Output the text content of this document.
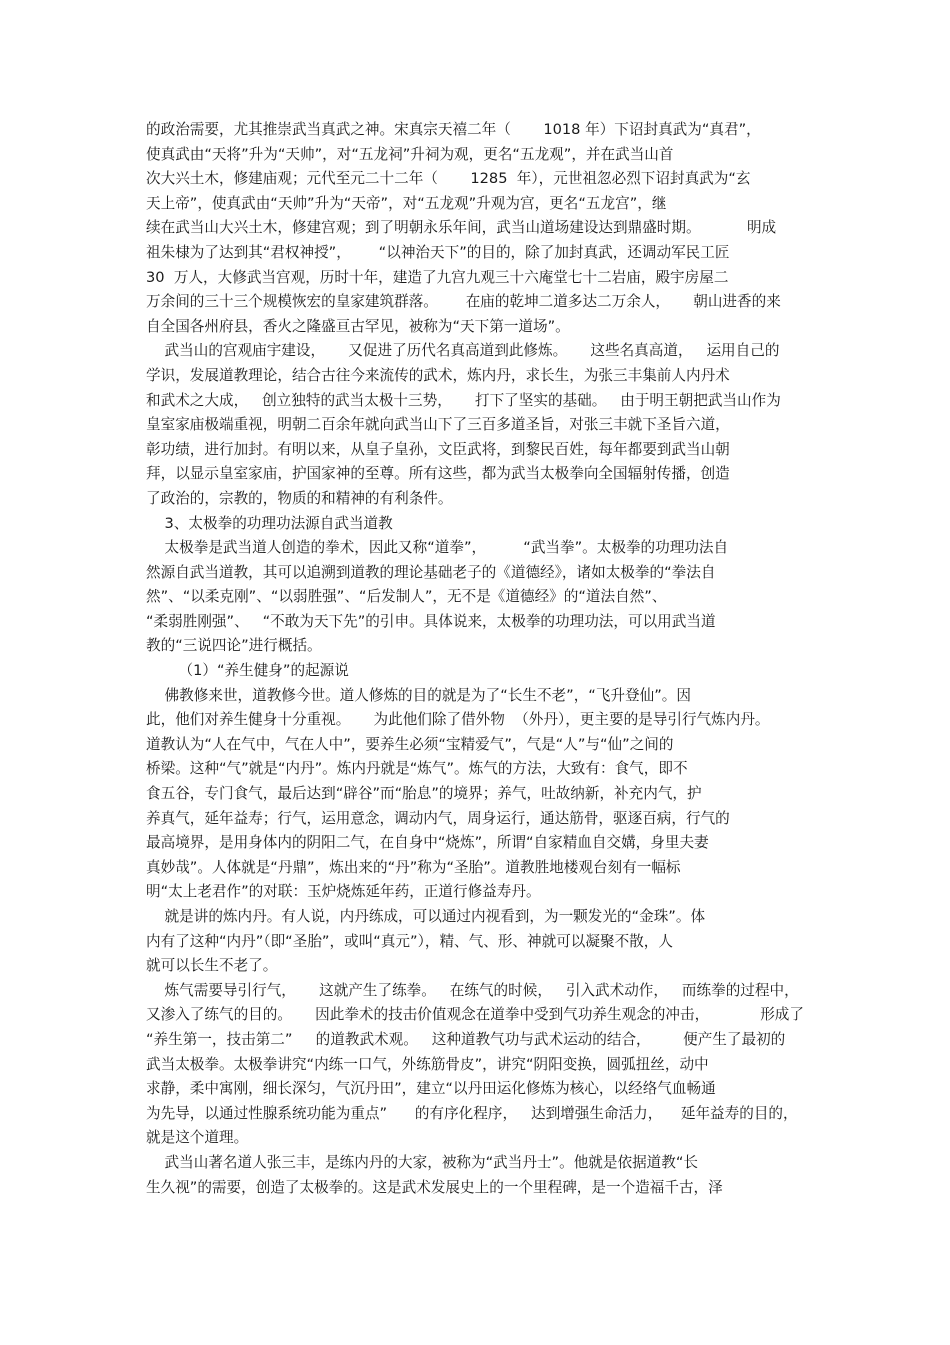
的政治需要，尤其推崇武当真武之神。宋真宗天禧二年（       1018 年）下诏封真武为“真君”，
使真武由“天将”升为“天帅”，对“五龙祠”升祠为观，更名“五龙观”，并在武当山首
次大兴土木，修建庙观；元代至元二十二年（       1285  年），元世祖忽必烈下诏封真武为“玄
天上帝”，使真武由“天帅”升为“天帝”，对“五龙观”升观为宫，更名“五龙宫”，继
续在武当山大兴土木，修建宫观；到了明朝永乐年间，武当山道场建设达到鼎盛时期。          明成
祖朱棣为了达到其“君权神授”，      “以神治天下”的目的，除了加封真武，还调动军民工匠
30  万人，大修武当宫观，历时十年，建造了九宫九观三十六庵堂七十二岩庙，殿宇房屋二
万余间的三十三个规模恢宏的皇家建筑群落。      在庙的乾坤二道多达二万余人，     朝山进香的来
自全国各州府县，香火之隆盛亘古罕见，被称为“天下第一道场”。
武当山的宫观庙宇建设，     又促进了历代名真高道到此修炼。     这些名真高道，   运用自己的
学识，发展道教理论，结合古往今来流传的武术，炼内丹，求长生，为张三丰集前人内丹术
和武术之大成，   创立独特的武当太极十三势，     打下了坚实的基础。   由于明王朝把武当山作为
皇室家庙极端重视，明朝二百余年就向武当山下了三百多道圣旨，对张三丰就下圣旨六道，
彰功绩，进行加封。有明以来，从皇子皇孙，文臣武将，到黎民百姓，每年都要到武当山朝
拜，以显示皇室家庙，护国家神的至尊。所有这些，都为武当太极拳向全国辐射传播，创造
了政治的，宗教的，物质的和精神的有利条件。
3、太极拳的功理功法源自武当道教
太极拳是武当道人创造的拳术，因此又称“道拳”，        “武当拳”。太极拳的功理功法自
然源自武当道教，其可以追溯到道教的理论基础老子的《道德经》，诸如太极拳的“拳法自
然”、“以柔克刚”、“以弱胜强”、“后发制人”，无不是《道德经》的“道法自然”、
“柔弱胜刚强”、   “不敢为天下先”的引申。具体说来，太极拳的功理功法，可以用武当道
教的“三说四论”进行概括。
（1）“养生健身”的起源说
佛教修来世，道教修今世。道人修炼的目的就是为了“长生不老”，“飞升登仙”。因
此，他们对养生健身十分重视。     为此他们除了借外物  （外丹），更主要的是导引行气炼内丹。
道教认为“人在气中，气在人中”，要养生必须“宝精爱气”，气是“人”与“仙”之间的
桥梁。这种“气”就是“内丹”。炼内丹就是“炼气”。炼气的方法，大致有：食气，即不
食五谷，专门食气，最后达到“辟谷”而“胎息”的境界；养气，吐故纳新，补充内气，护
养真气，延年益寿；行气，运用意念，调动内气，周身运行，通达筋骨，驱逐百病，行气的
最高境界，是用身体内的阴阳二气，在自身中“烧炼”，所谓“自家精血自交媾，身里夫妻
真妙哉”。人体就是“丹鼎”，炼出来的“丹”称为“圣胎”。道教胜地楼观台刻有一幅标
明“太上老君作”的对联：玉炉烧炼延年药，正道行修益寿丹。
就是讲的炼内丹。有人说，内丹练成，可以通过内视看到，为一颗发光的“金珠”。体
内有了这种“内丹”（即“圣胎”，或叫“真元”），精、气、形、神就可以凝聚不散，人
就可以长生不老了。
炼气需要导引行气，     这就产生了练拳。   在练气的时候，   引入武术动作，   而练拳的过程中，
又渗入了练气的目的。     因此拳术的技击价值观念在道拳中受到气功养生观念的冲击，           形成了
“养生第一，技击第二”     的道教武术观。   这种道教气功与武术运动的结合，       便产生了最初的
武当太极拳。太极拳讲究“内练一口气，外练筋骨皮”，讲究“阴阳变换，圆弧扭丝，动中
求静，柔中寓刚，细长深匀，气沉丹田”，建立“以丹田运化修炼为核心，以经络气血畅通
为先导，以通过性腺系统功能为重点”      的有序化程序，   达到增强生命活力，    延年益寿的目的，
就是这个道理。
武当山著名道人张三丰，是练内丹的大家，被称为“武当丹士”。他就是依据道教“长
生久视”的需要，创造了太极拳的。这是武术发展史上的一个里程碑，是一个造福千古，泽
